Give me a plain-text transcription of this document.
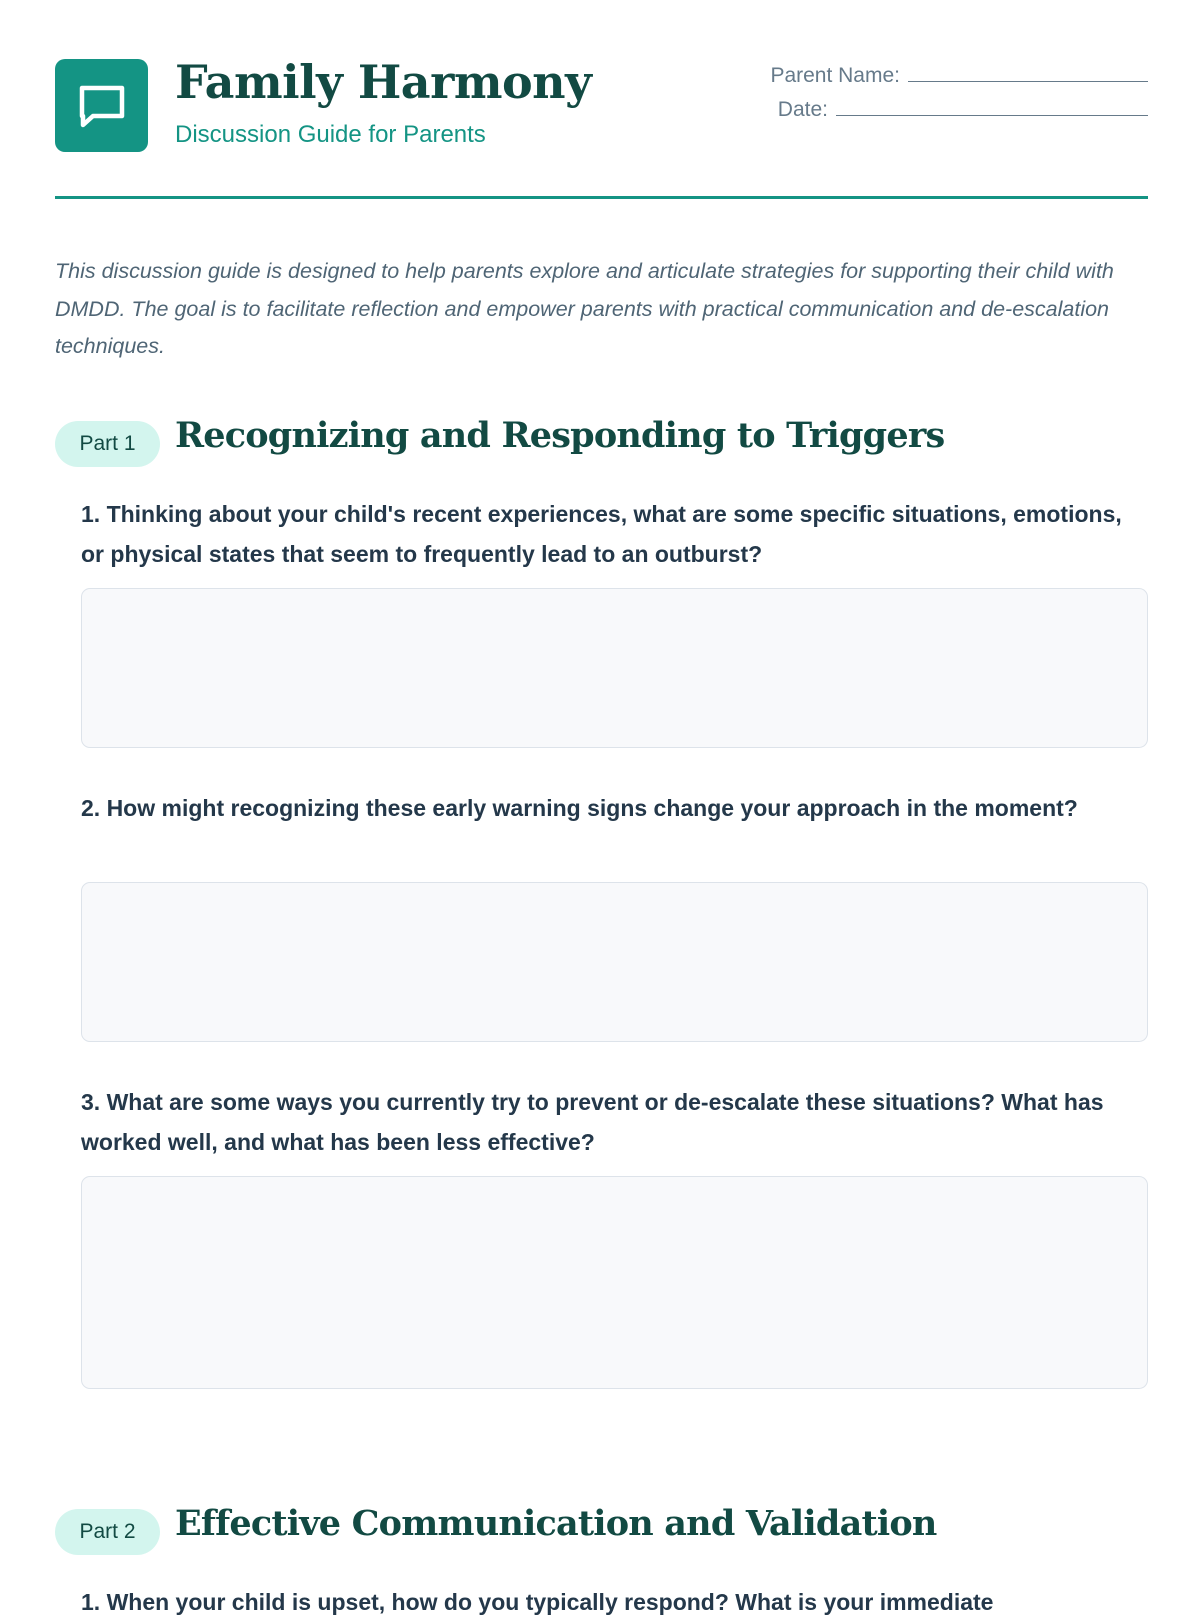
Family Harmony
Discussion Guide for Parents
Parent Name:
Date:
This discussion guide is designed to help parents explore and articulate strategies for supporting their child with DMDD. The goal is to facilitate reflection and empower parents with practical communication and de-escalation techniques.
Part 1	Recognizing and Responding to Triggers
1. Thinking about your child's recent experiences, what are some specific situations, emotions, or physical states that seem to frequently lead to an outburst?
2. How might recognizing these early warning signs change your approach in the moment?
3. What are some ways you currently try to prevent or de-escalate these situations? What has worked well, and what has been less effective?
Part 2	Effective Communication and Validation
1. When your child is upset, how do you typically respond? What is your immediate
